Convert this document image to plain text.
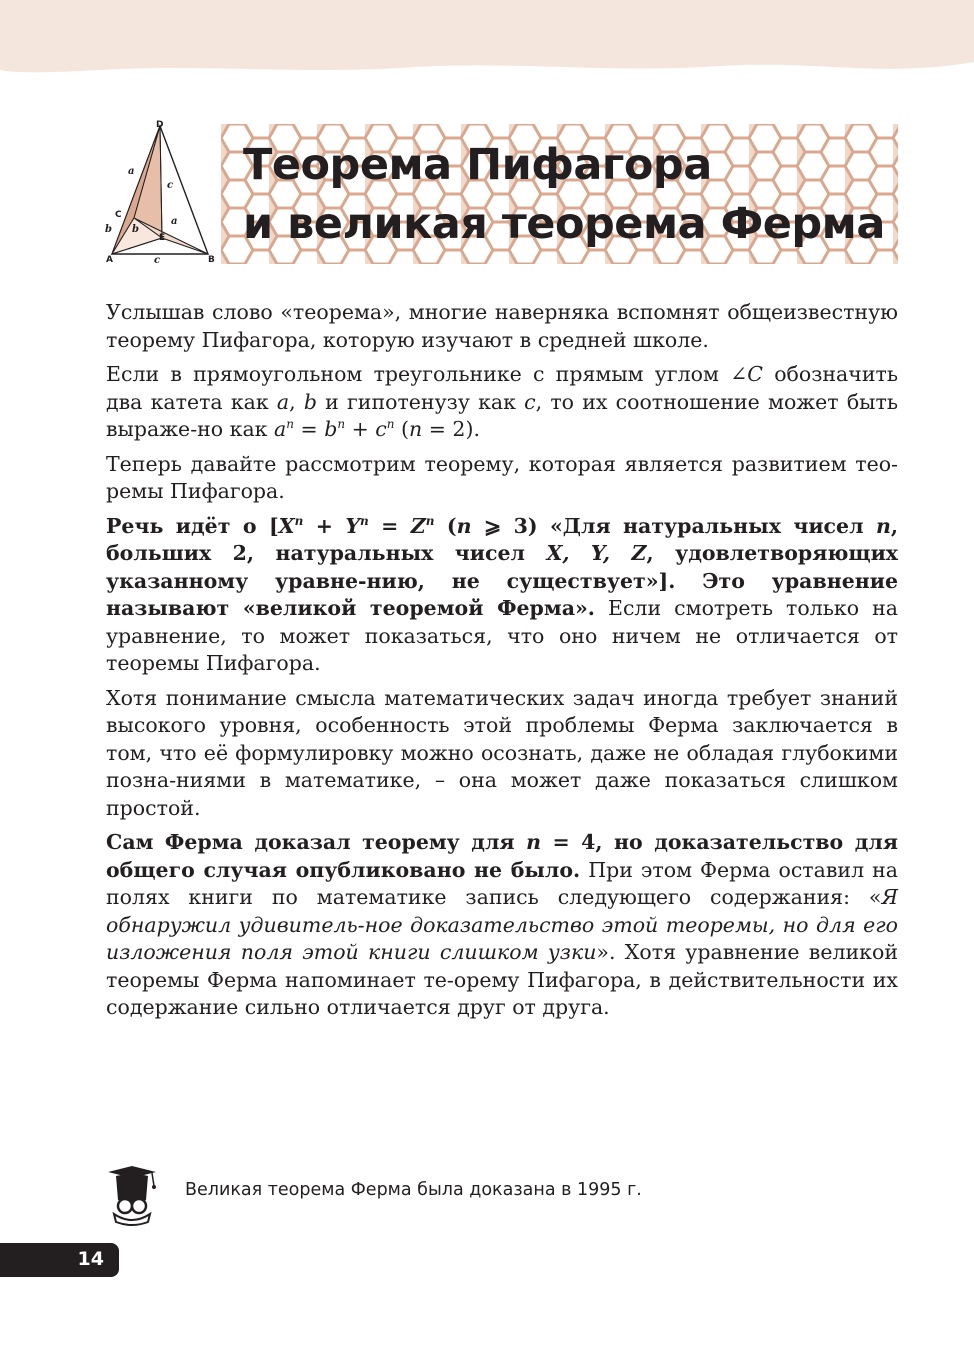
D
C
E
A	B
a
c
a
b b
c
Теорема Пифагора
и великая теорема Ферма

Услышав слово «теорема», многие наверняка вспомнят общеизвестную теорему Пифагора, которую изучают в средней школе.

Если в прямоугольном треугольнике с прямым углом ∠C обозначить два катета как a, b и гипотенузу как c, то их соотношение может быть выраже-но как $a^n = b^n + c^n$ (n = 2).

Теперь давайте рассмотрим теорему, которая является развитием тео-ремы Пифагора.

Речь идёт о [$X^n + Y^n = Z^n$ (n ⩾ 3) «Для натуральных чисел n, больших 2, натуральных чисел X, Y, Z, удовлетворяющих указанному уравне-нию, не существует»]. Это уравнение называют «великой теоремой Ферма». Если смотреть только на уравнение, то может показаться, что оно ничем не отличается от теоремы Пифагора.

Хотя понимание смысла математических задач иногда требует знаний высокого уровня, особенность этой проблемы Ферма заключается в том, что её формулировку можно осознать, даже не обладая глубокими позна-ниями в математике, – она может даже показаться слишком простой.

Сам Ферма доказал теорему для n = 4, но доказательство для общего случая опубликовано не было. При этом Ферма оставил на полях книги по математике запись следующего содержания: «Я обнаружил удивитель-ное доказательство этой теоремы, но для его изложения поля этой книги слишком узки». Хотя уравнение великой теоремы Ферма напоминает те-орему Пифагора, в действительности их содержание сильно отличается друг от друга.

Великая теорема Ферма была доказана в 1995 г.
14
